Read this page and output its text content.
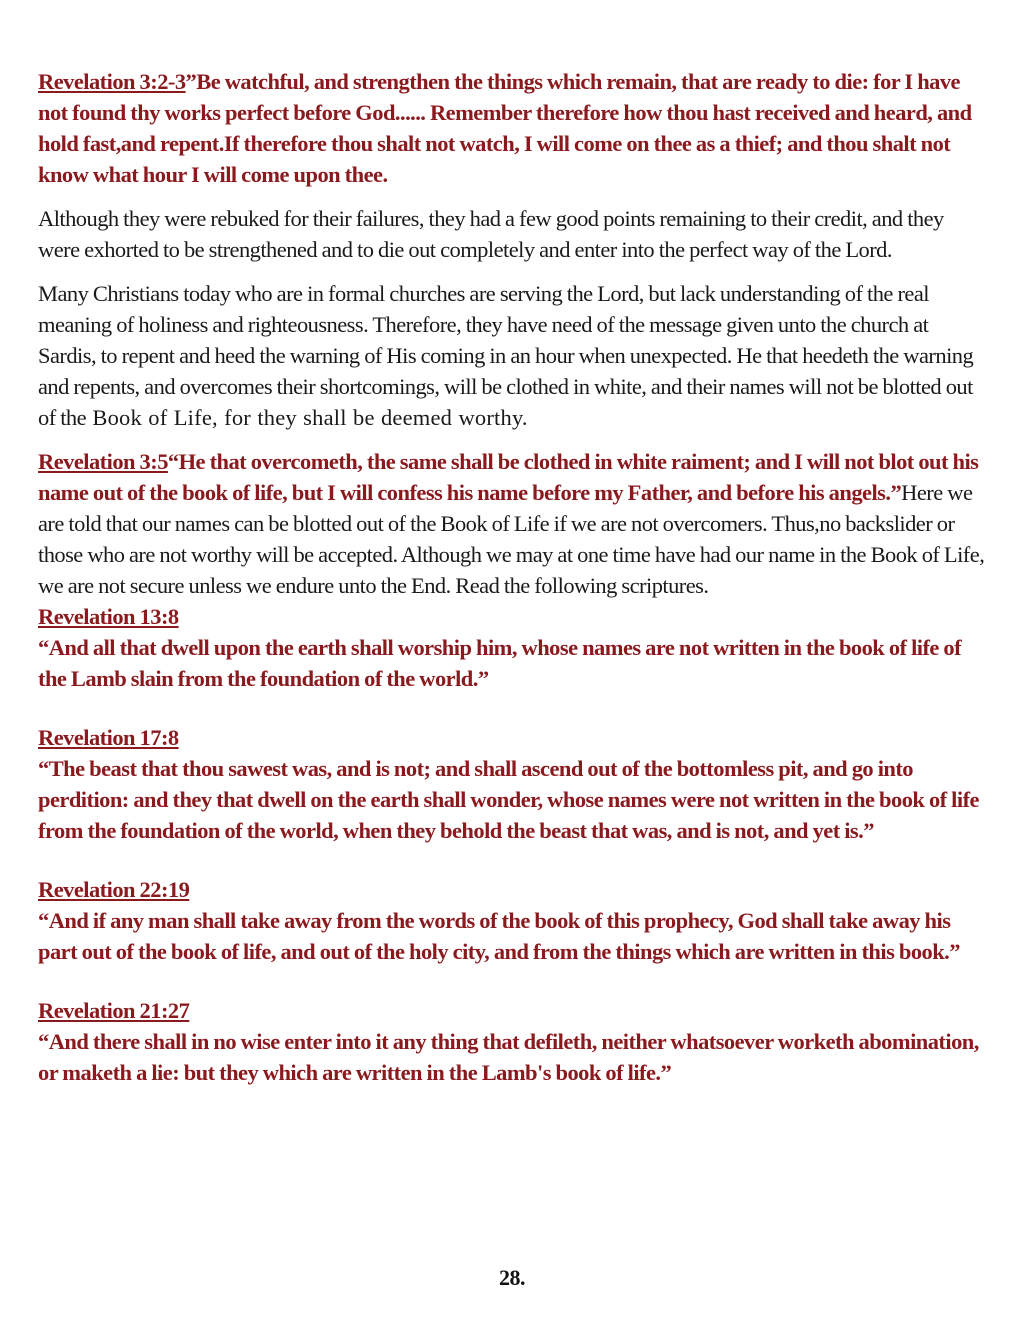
Revelation 3:2-3”Be watchful, and strengthen the things which remain, that are ready to die: for I have not found thy works perfect before God...... Remember therefore how thou hast received and heard, and hold fast,and repent.If therefore thou shalt not watch, I will come on thee as a thief; and thou shalt not know what hour I will come upon thee.

Although they were rebuked for their failures, they had a few good points remaining to their credit, and they were exhorted to be strengthened and to die out completely and enter into the perfect way of the Lord.

Many Christians today who are in formal churches are serving the Lord, but lack understanding of the real meaning of holiness and righteousness. Therefore, they have need of the message given unto the church at Sardis, to repent and heed the warning of His coming in an hour when unexpected. He that heedeth the warning and repents, and overcomes their shortcomings, will be clothed in white, and their names will not be blotted out of the Book of Life, for they shall be deemed worthy.

Revelation 3:5“He that overcometh, the same shall be clothed in white raiment; and I will not blot out his name out of the book of life, but I will confess his name before my Father, and before his angels.”Here we are told that our names can be blotted out of the Book of Life if we are not overcomers. Thus,no backslider or those who are not worthy will be accepted. Although we may at one time have had our name in the Book of Life, we are not secure unless we endure unto the End. Read the following scriptures.

Revelation 13:8
“And all that dwell upon the earth shall worship him, whose names are not written in the book of life of the Lamb slain from the foundation of the world.”
Revelation 17:8
“The beast that thou sawest was, and is not; and shall ascend out of the bottomless pit, and go into perdition: and they that dwell on the earth shall wonder, whose names were not written in the book of life from the foundation of the world, when they behold the beast that was, and is not, and yet is.”
Revelation 22:19
“And if any man shall take away from the words of the book of this prophecy, God shall take away his part out of the book of life, and out of the holy city, and from the things which are written in this book.”
Revelation 21:27
“And there shall in no wise enter into it any thing that defileth, neither whatsoever worketh abomination, or maketh a lie: but they which are written in the Lamb's book of life.”
28.
